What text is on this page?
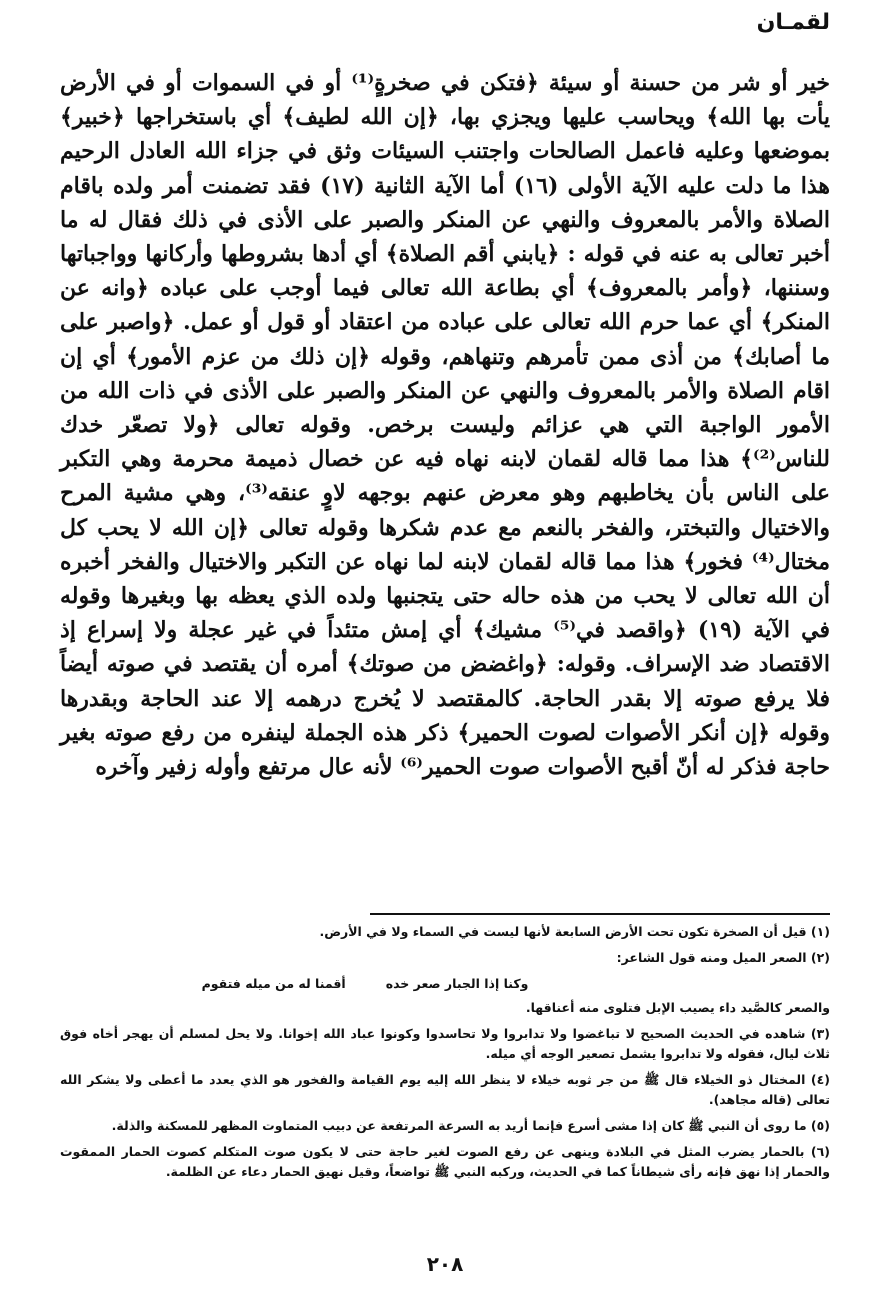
لقمـان

خير أو شر من حسنة أو سيئة ﴿فتكن في صخرةٍ⁽¹⁾ أو في السموات أو في الأرض يأت بها الله﴾ ويحاسب عليها ويجزي بها، ﴿إن الله لطيف﴾ أي باستخراجها ﴿خبير﴾ بموضعها وعليه فاعمل الصالحات واجتنب السيئات وثق في جزاء الله العادل الرحيم هذا ما دلت عليه الآية الأولى (١٦) أما الآية الثانية (١٧) فقد تضمنت أمر ولده باقام الصلاة والأمر بالمعروف والنهي عن المنكر والصبر على الأذى في ذلك فقال له ما أخبر تعالى به عنه في قوله : ﴿يابني أقم الصلاة﴾ أي أدها بشروطها وأركانها وواجباتها وسننها، ﴿وأمر بالمعروف﴾ أي بطاعة الله تعالى فيما أوجب على عباده ﴿وانه عن المنكر﴾ أي عما حرم الله تعالى على عباده من اعتقاد أو قول أو عمل. ﴿واصبر على ما أصابك﴾ من أذى ممن تأمرهم وتنهاهم، وقوله ﴿إن ذلك من عزم الأمور﴾ أي إن اقام الصلاة والأمر بالمعروف والنهي عن المنكر والصبر على الأذى في ذات الله من الأمور الواجبة التي هي عزائم وليست برخص. وقوله تعالى ﴿ولا تصعّر خدك للناس⁽²⁾﴾ هذا مما قاله لقمان لابنه نهاه فيه عن خصال ذميمة محرمة وهي التكبر على الناس بأن يخاطبهم وهو معرض عنهم بوجهه لاوٍ عنقه⁽³⁾، وهي مشية المرح والاختيال والتبختر، والفخر بالنعم مع عدم شكرها وقوله تعالى ﴿إن الله لا يحب كل مختال⁽⁴⁾ فخور﴾ هذا مما قاله لقمان لابنه لما نهاه عن التكبر والاختيال والفخر أخبره أن الله تعالى لا يحب من هذه حاله حتى يتجنبها ولده الذي يعظه بها وبغيرها وقوله في الآية (١٩) ﴿واقصد في⁽⁵⁾ مشيك﴾ أي إمش متئداً في غير عجلة ولا إسراع إذ الاقتصاد ضد الإسراف. وقوله: ﴿واغضض من صوتك﴾ أمره أن يقتصد في صوته أيضاً فلا يرفع صوته إلا بقدر الحاجة. كالمقتصد لا يُخرج درهمه إلا عند الحاجة وبقدرها وقوله ﴿إن أنكر الأصوات لصوت الحمير﴾ ذكر هذه الجملة لينفره من رفع صوته بغير حاجة فذكر له أنّ أقبح الأصوات صوت الحمير⁽⁶⁾ لأنه عال مرتفع وأوله زفير وآخره

(١) قيل أن الصخرة تكون تحت الأرض السابعة لأنها ليست في السماء ولا في الأرض.

(٢) الصعر الميل ومنه قول الشاعر:

وكنا إذا الجبار صعر خده
أقمنا له من ميله فتقوم

والصعر كالصَّيد داء يصيب الإبل فتلوى منه أعناقها.

(٣) شاهده في الحديث الصحيح لا تباغضوا ولا تدابروا ولا تحاسدوا وكونوا عباد الله إخوانا. ولا يحل لمسلم أن يهجر أخاه فوق ثلاث ليال، فقوله ولا تدابروا يشمل تصعير الوجه أي ميله.

(٤) المختال ذو الخيلاء قال ﷺ من جر ثوبه خيلاء لا ينظر الله إليه يوم القيامة والفخور هو الذي يعدد ما أعطى ولا يشكر الله تعالى (قاله مجاهد).

(٥) ما روى أن النبي ﷺ كان إذا مشى أسرع فإنما أريد به السرعة المرتفعة عن دبيب المتماوت المظهر للمسكنة والذلة.

(٦) بالحمار يضرب المثل في البلادة وينهى عن رفع الصوت لغير حاجة حتى لا يكون صوت المتكلم كصوت الحمار الممقوت والحمار إذا نهق فإنه رأى شيطاناً كما في الحديث، وركبه النبي ﷺ تواضعاً، وقيل نهيق الحمار دعاء عن الظلمة.

٢٠٨
